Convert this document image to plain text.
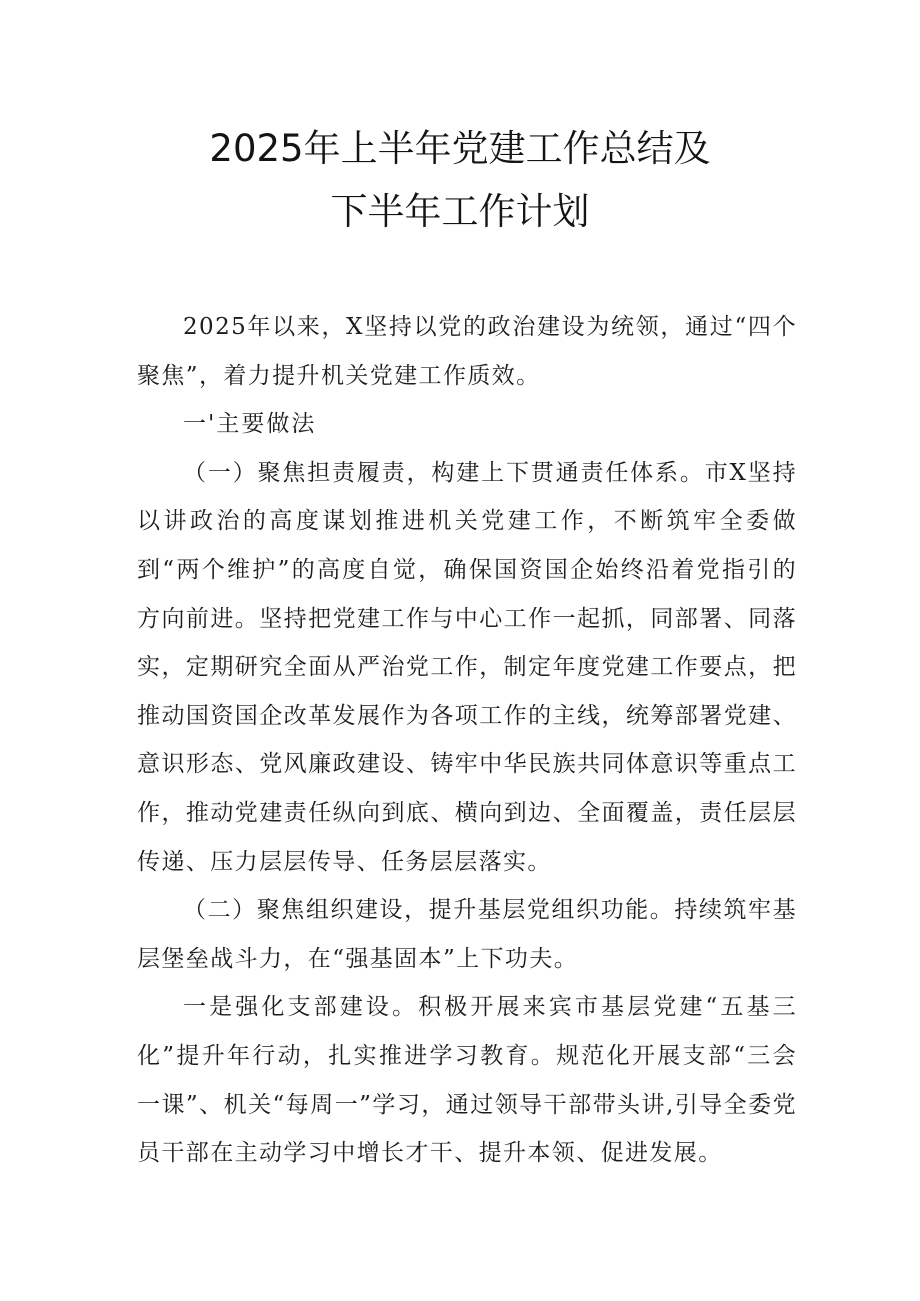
2025年上半年党建工作总结及
下半年工作计划

2025年以来，X坚持以党的政治建设为统领，通过“四个聚焦”，着力提升机关党建工作质效。

一'主要做法

（一）聚焦担责履责，构建上下贯通责任体系。市X坚持以讲政治的高度谋划推进机关党建工作，不断筑牢全委做到“两个维护”的高度自觉，确保国资国企始终沿着党指引的方向前进。坚持把党建工作与中心工作一起抓，同部署、同落实，定期研究全面从严治党工作，制定年度党建工作要点，把推动国资国企改革发展作为各项工作的主线，统筹部署党建、意识形态、党风廉政建设、铸牢中华民族共同体意识等重点工作，推动党建责任纵向到底、横向到边、全面覆盖，责任层层传递、压力层层传导、任务层层落实。

（二）聚焦组织建设，提升基层党组织功能。持续筑牢基层堡垒战斗力，在“强基固本”上下功夫。

一是强化支部建设。积极开展来宾市基层党建“五基三化”提升年行动，扎实推进学习教育。规范化开展支部“三会一课”、机关“每周一”学习，通过领导干部带头讲,引导全委党员干部在主动学习中增长才干、提升本领、促进发展。
